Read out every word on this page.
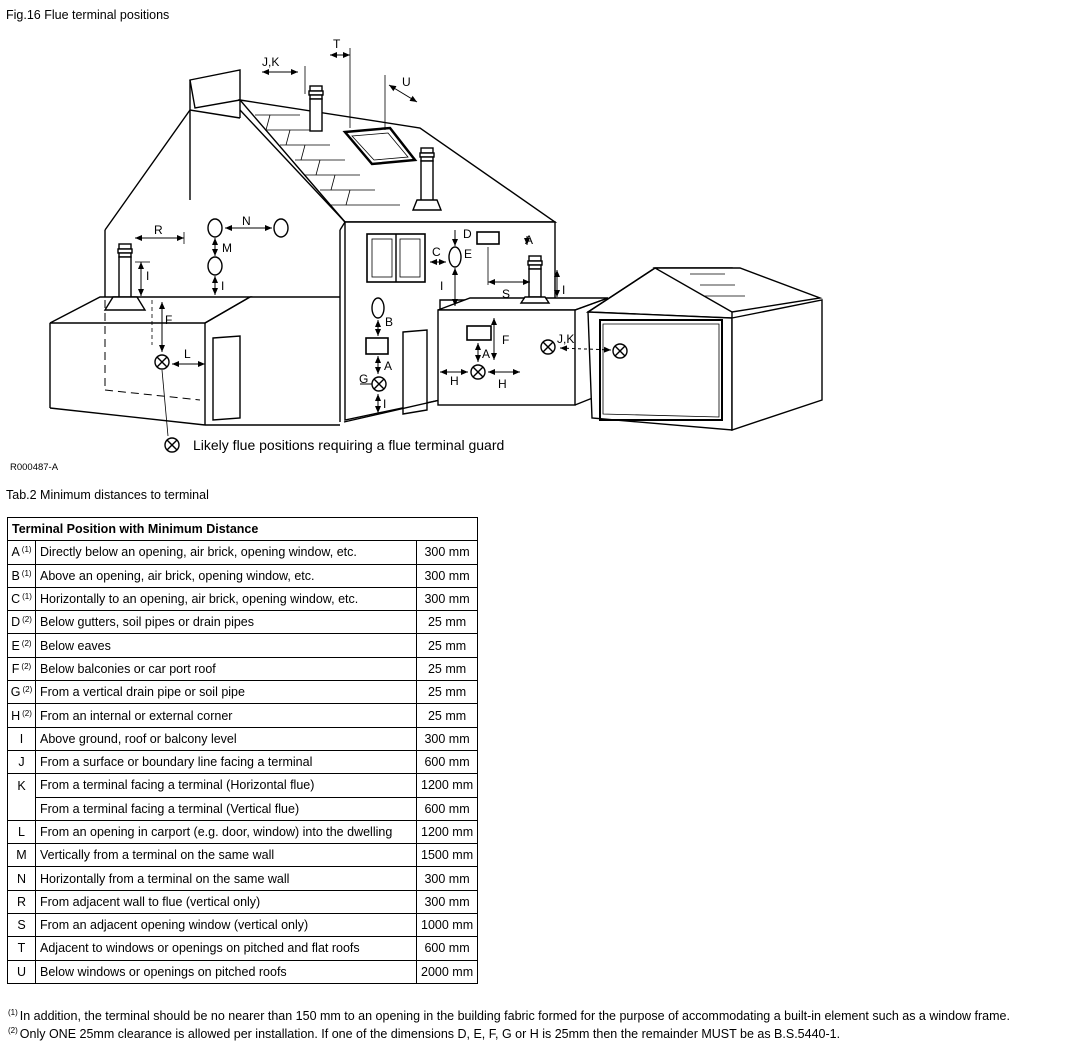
Fig.16 Flue terminal positions
J,K
T
U
R
N
M
I
I
F
L
D
C E
A
I
S	I
B
A
G
I
F
A
H	H
J,K
Likely flue positions requiring a flue terminal guard
R000487-A
Tab.2 Minimum distances to terminal
Terminal Position with Minimum Distance		
A $^{(1)}$	Directly below an opening, air brick, opening window, etc.	300 mm
B $^{(1)}$	Above an opening, air brick, opening window, etc.	300 mm
C $^{(1)}$	Horizontally to an opening, air brick, opening window, etc.	300 mm
D $^{(2)}$	Below gutters, soil pipes or drain pipes	25 mm
E $^{(2)}$	Below eaves	25 mm
F $^{(2)}$	Below balconies or car port roof	25 mm
G $^{(2)}$	From a vertical drain pipe or soil pipe	25 mm
H $^{(2)}$	From an internal or external corner	25 mm
I	Above ground, roof or balcony level	300 mm
J	From a surface or boundary line facing a terminal	600 mm
K	From a terminal facing a terminal (Horizontal flue)	1200 mm
	From a terminal facing a terminal (Vertical flue)	600 mm
L	From an opening in carport (e.g. door, window) into the dwelling	1200 mm
M	Vertically from a terminal on the same wall	1500 mm
N	Horizontally from a terminal on the same wall	300 mm
R	From adjacent wall to flue (vertical only)	300 mm
S	From an adjacent opening window (vertical only)	1000 mm
T	Adjacent to windows or openings on pitched and flat roofs	600 mm
U	Below windows or openings on pitched roofs	2000 mm
$^{(1)}$ In addition, the terminal should be no nearer than 150 mm to an opening in the building fabric formed for the purpose of accommodating a built-in element such as a window frame.
$^{(2)}$ Only ONE 25mm clearance is allowed per installation. If one of the dimensions D, E, F, G or H is 25mm then the remainder MUST be as B.S.5440-1.
